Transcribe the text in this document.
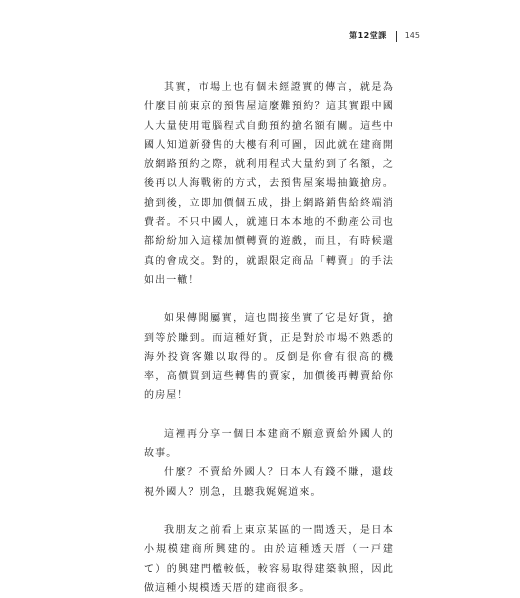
第12堂課 145

其實，市場上也有個未經證實的傳言，就是為什麼目前東京的預售屋這麼難預約？這其實跟中國人大量使用電腦程式自動預約搶名額有關。這些中國人知道新發售的大樓有利可圖，因此就在建商開放網路預約之際，就利用程式大量約到了名額，之後再以人海戰術的方式，去預售屋案場抽籤搶房。搶到後，立即加價個五成，掛上網路銷售給終端消費者。不只中國人，就連日本本地的不動產公司也都紛紛加入這樣加價轉賣的遊戲，而且，有時候還真的會成交。對的，就跟限定商品「轉賣」的手法如出一轍！

如果傳聞屬實，這也間接坐實了它是好貨，搶到等於賺到。而這種好貨，正是對於市場不熟悉的海外投資客難以取得的。反倒是你會有很高的機率，高價買到這些轉售的賣家，加價後再轉賣給你的房屋！

這裡再分享一個日本建商不願意賣給外國人的故事。

什麼？不賣給外國人？日本人有錢不賺，還歧視外國人？別急，且聽我娓娓道來。

我朋友之前看上東京某區的一間透天，是日本小規模建商所興建的。由於這種透天厝（一戸建て）的興建門檻較低，較容易取得建築執照，因此做這種小規模透天厝的建商很多。
